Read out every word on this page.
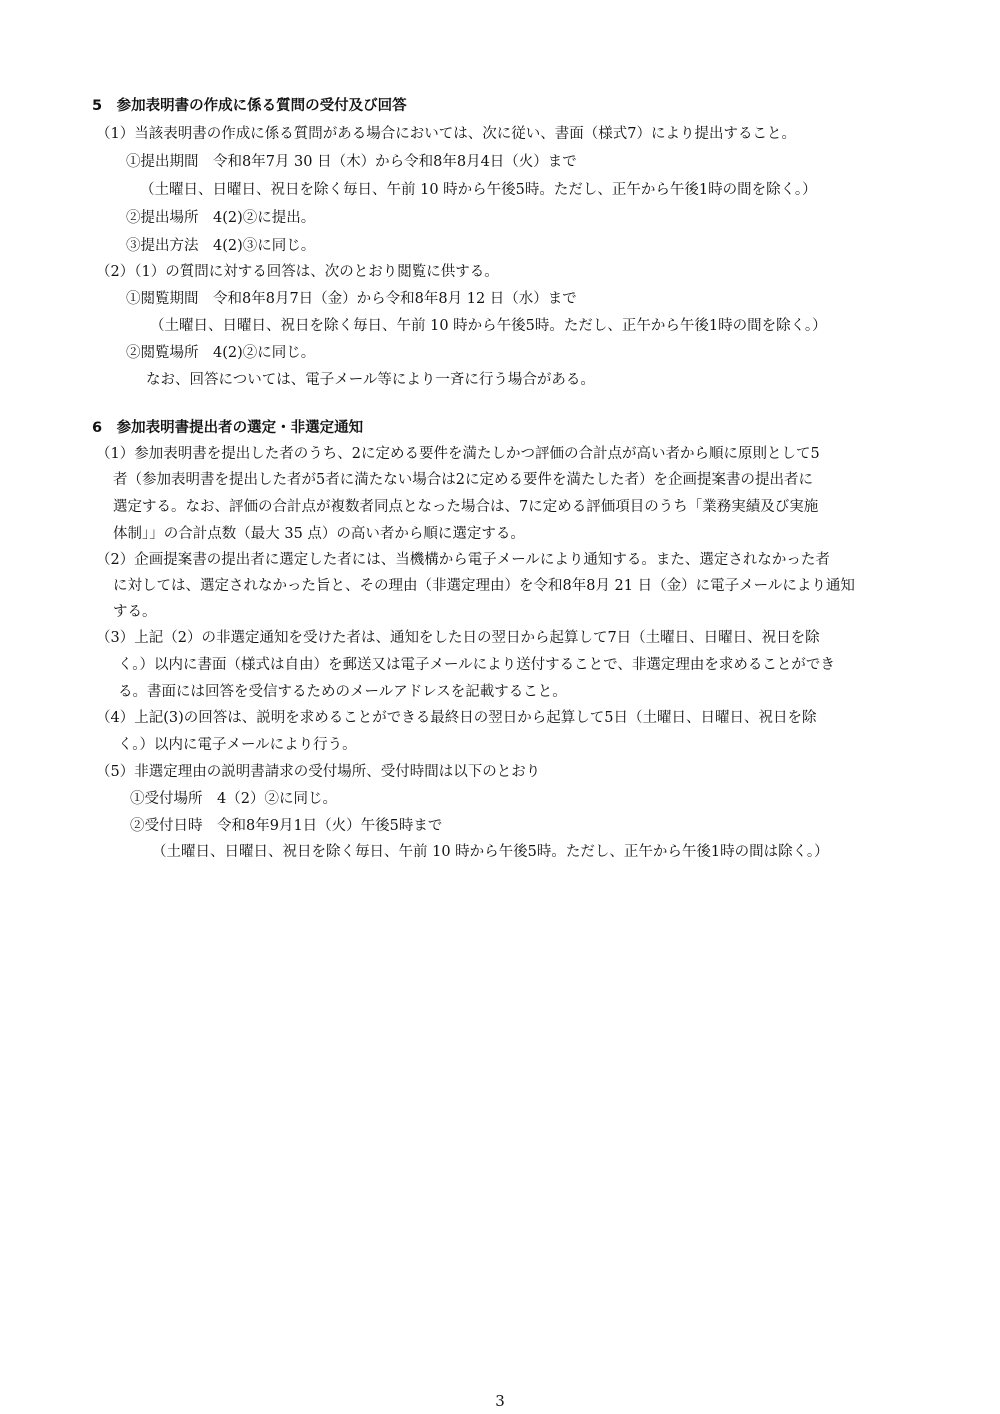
5　参加表明書の作成に係る質問の受付及び回答
（1）当該表明書の作成に係る質問がある場合においては、次に従い、書面（様式7）により提出すること。
①提出期間　令和8年7月 30 日（木）から令和8年8月4日（火）まで
（土曜日、日曜日、祝日を除く毎日、午前 10 時から午後5時。ただし、正午から午後1時の間を除く。）
②提出場所　4(2)②に提出。
③提出方法　4(2)③に同じ。
（2）（1）の質問に対する回答は、次のとおり閲覧に供する。
①閲覧期間　令和8年8月7日（金）から令和8年8月 12 日（水）まで
（土曜日、日曜日、祝日を除く毎日、午前 10 時から午後5時。ただし、正午から午後1時の間を除く。）
②閲覧場所　4(2)②に同じ。
なお、回答については、電子メール等により一斉に行う場合がある。
6　参加表明書提出者の選定・非選定通知
（1）参加表明書を提出した者のうち、2に定める要件を満たしかつ評価の合計点が高い者から順に原則として5
者（参加表明書を提出した者が5者に満たない場合は2に定める要件を満たした者）を企画提案書の提出者に
選定する。なお、評価の合計点が複数者同点となった場合は、7に定める評価項目のうち「業務実績及び実施
体制」」の合計点数（最大 35 点）の高い者から順に選定する。
（2）企画提案書の提出者に選定した者には、当機構から電子メールにより通知する。また、選定されなかった者
に対しては、選定されなかった旨と、その理由（非選定理由）を令和8年8月 21 日（金）に電子メールにより通知
する。
（3）上記（2）の非選定通知を受けた者は、通知をした日の翌日から起算して7日（土曜日、日曜日、祝日を除
く。）以内に書面（様式は自由）を郵送又は電子メールにより送付することで、非選定理由を求めることができ
る。書面には回答を受信するためのメールアドレスを記載すること。
（4）上記(3)の回答は、説明を求めることができる最終日の翌日から起算して5日（土曜日、日曜日、祝日を除
く。）以内に電子メールにより行う。
（5）非選定理由の説明書請求の受付場所、受付時間は以下のとおり
①受付場所　4（2）②に同じ。
②受付日時　令和8年9月1日（火）午後5時まで
（土曜日、日曜日、祝日を除く毎日、午前 10 時から午後5時。ただし、正午から午後1時の間は除く。）
3
